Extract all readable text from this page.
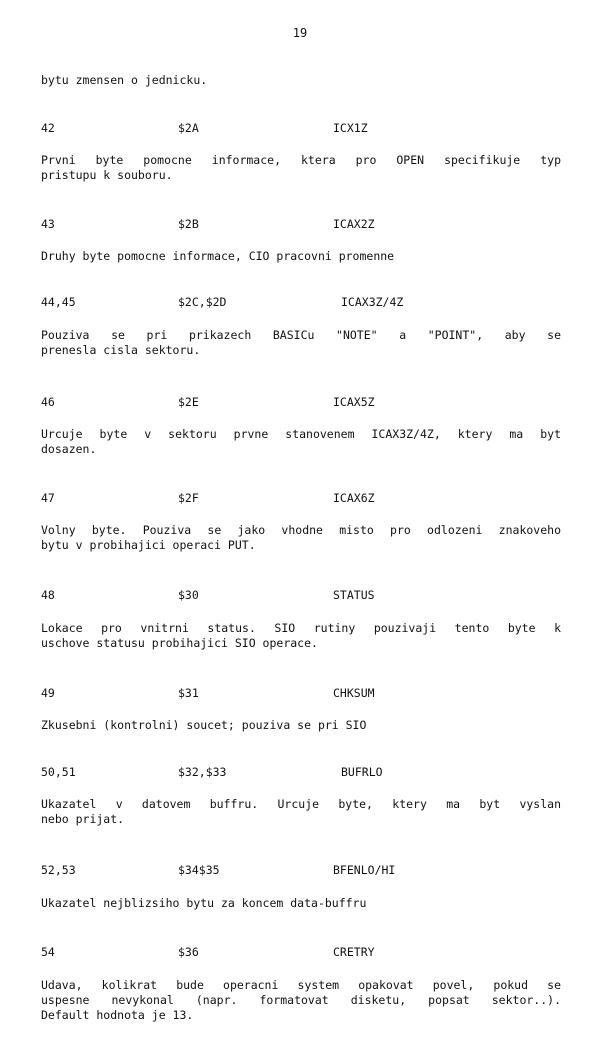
19
bytu zmensen o jednicku.
42	$2A	ICX1Z
Prvni byte pomocne informace, ktera pro OPEN specifikuje typ
pristupu k souboru.
43	$2B	ICAX2Z
Druhy byte pomocne informace, CIO pracovni promenne
44,45	$2C,$2D	ICAX3Z/4Z
Pouziva se pri prikazech BASICu "NOTE" a "POINT", aby se
prenesla cisla sektoru.
46	$2E	ICAX5Z
Urcuje byte v sektoru prvne stanovenem ICAX3Z/4Z, ktery ma byt
dosazen.
47	$2F	ICAX6Z
Volny byte. Pouziva se jako vhodne misto pro odlozeni znakoveho
bytu v probihajici operaci PUT.
48	$30	STATUS
Lokace pro vnitrni status. SIO rutiny pouzivaji tento byte k
uschove statusu probihajici SIO operace.
49	$31	CHKSUM
Zkusebni (kontrolni) soucet; pouziva se pri SIO
50,51	$32,$33	BUFRLO
Ukazatel v datovem buffru. Urcuje byte, ktery ma byt vyslan
nebo prijat.
52,53	$34$35	BFENLO/HI
Ukazatel nejblizsiho bytu za koncem data-buffru
54	$36	CRETRY
Udava, kolikrat bude operacni system opakovat povel, pokud se
uspesne nevykonal (napr. formatovat disketu, popsat sektor..).
Default hodnota je 13.
